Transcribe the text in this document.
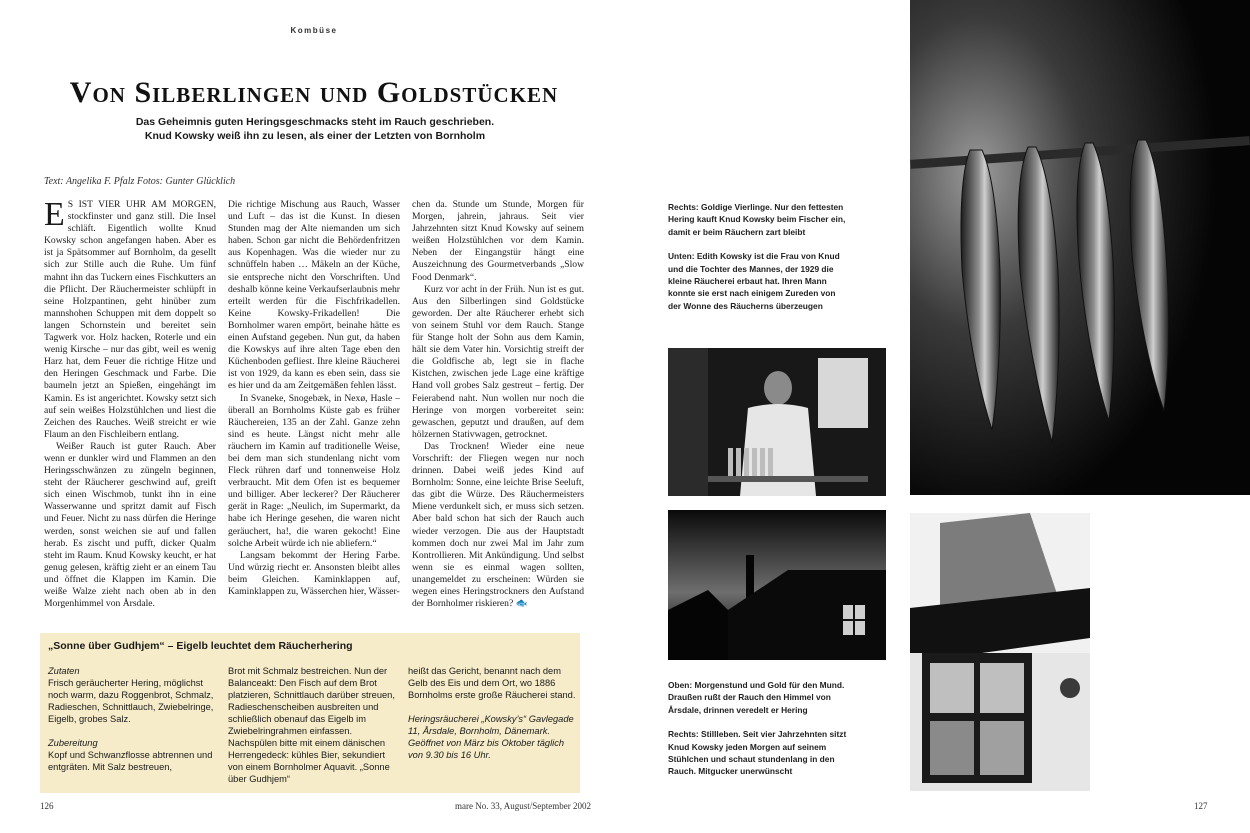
Kombüse
Von Silberlingen und Goldstücken
Das Geheimnis guten Heringsgeschmacks steht im Rauch geschrieben.
Knud Kowsky weiß ihn zu lesen, als einer der Letzten von Bornholm
Text: Angelika F. Pfalz Fotos: Gunter Glücklich

E S IST VIER UHR AM MORGEN, stockfinster und ganz still. Die Insel schläft. Eigentlich wollte Knud Kowsky schon angefangen haben. Aber es ist ja Spätsommer auf Bornholm, da gesellt sich zur Stille auch die Ruhe. Um fünf mahnt ihn das Tuckern eines Fischkutters an die Pflicht. Der Räuchermeister schlüpft in seine Holzpantinen, geht hinüber zum mannshohen Schuppen mit dem doppelt so langen Schornstein und bereitet sein Tagwerk vor. Holz hacken, Roterle und ein wenig Kirsche – nur das gibt, weil es wenig Harz hat, dem Feuer die richtige Hitze und den Heringen Geschmack und Farbe. Die baumeln jetzt an Spießen, eingehängt im Kamin. Es ist angerichtet. Kowsky setzt sich auf sein weißes Holzstühlchen und liest die Zeichen des Rauches. Weiß streicht er wie Flaum an den Fischleibern entlang.

Weißer Rauch ist guter Rauch. Aber wenn er dunkler wird und Flammen an den Heringsschwänzen zu züngeln beginnen, steht der Räucherer geschwind auf, greift sich einen Wischmob, tunkt ihn in eine Wasserwanne und spritzt damit auf Fisch und Feuer. Nicht zu nass dürfen die Heringe werden, sonst weichen sie auf und fallen herab. Es zischt und pufft, dicker Qualm steht im Raum. Knud Kowsky keucht, er hat genug gelesen, kräftig zieht er an einem Tau und öffnet die Klappen im Kamin. Die weiße Walze zieht nach oben ab in den Morgenhimmel von Årsdale.

Die richtige Mischung aus Rauch, Wasser und Luft – das ist die Kunst. In diesen Stunden mag der Alte niemanden um sich haben. Schon gar nicht die Behördenfritzen aus Kopenhagen. Was die wieder nur zu schnüffeln haben … Mäkeln an der Küche, sie entspreche nicht den Vorschriften. Und deshalb könne keine Verkaufserlaubnis mehr erteilt werden für die Fischfrikadellen. Keine Kowsky-Frikadellen! Die Bornholmer waren empört, beinahe hätte es einen Aufstand gegeben. Nun gut, da haben die Kowskys auf ihre alten Tage eben den Küchenboden gefliest. Ihre kleine Räucherei ist von 1929, da kann es eben sein, dass sie es hier und da am Zeitgemäßen fehlen lässt.

In Svaneke, Snogebæk, in Nexø, Hasle – überall an Bornholms Küste gab es früher Räuchereien, 135 an der Zahl. Ganze zehn sind es heute. Längst nicht mehr alle räuchern im Kamin auf traditionelle Weise, bei dem man sich stundenlang nicht vom Fleck rühren darf und tonnenweise Holz verbraucht. Mit dem Ofen ist es bequemer und billiger. Aber leckerer? Der Räucherer gerät in Rage: „Neulich, im Supermarkt, da habe ich Heringe gesehen, die waren nicht geräuchert, ha!, die waren gekocht! Eine solche Arbeit würde ich nie abliefern.“

Langsam bekommt der Hering Farbe. Und würzig riecht er. Ansonsten bleibt alles beim Gleichen. Kaminklappen auf, Kaminklappen zu, Wässerchen hier, Wässer-

chen da. Stunde um Stunde, Morgen für Morgen, jahrein, jahraus. Seit vier Jahrzehnten sitzt Knud Kowsky auf seinem weißen Holzstühlchen vor dem Kamin. Neben der Eingangstür hängt eine Auszeichnung des Gourmetverbands „Slow Food Denmark“.

Kurz vor acht in der Früh. Nun ist es gut. Aus den Silberlingen sind Goldstücke geworden. Der alte Räucherer erhebt sich von seinem Stuhl vor dem Rauch. Stange für Stange holt der Sohn aus dem Kamin, hält sie dem Vater hin. Vorsichtig streift der die Goldfische ab, legt sie in flache Kistchen, zwischen jede Lage eine kräftige Hand voll grobes Salz gestreut – fertig. Der Feierabend naht. Nun wollen nur noch die Heringe von morgen vorbereitet sein: gewaschen, geputzt und draußen, auf dem hölzernen Stativwagen, getrocknet.

Das Trocknen! Wieder eine neue Vorschrift: der Fliegen wegen nur noch drinnen. Dabei weiß jedes Kind auf Bornholm: Sonne, eine leichte Brise Seeluft, das gibt die Würze. Des Räuchermeisters Miene verdunkelt sich, er muss sich setzen. Aber bald schon hat sich der Rauch auch wieder verzogen. Die aus der Hauptstadt kommen doch nur zwei Mal im Jahr zum Kontrollieren. Mit Ankündigung. Und selbst wenn sie es einmal wagen sollten, unangemeldet zu erscheinen: Würden sie wegen eines Heringstrockners den Aufstand der Bornholmer riskieren? 🐟

„Sonne über Gudhjem“ – Eigelb leuchtet dem Räucherhering
Zutaten
Frisch geräucherter Hering, möglichst noch warm, dazu Roggenbrot, Schmalz, Radieschen, Schnittlauch, Zwiebelringe, Eigelb, grobes Salz.
Zubereitung
Kopf und Schwanzflosse abtrennen und entgräten. Mit Salz bestreuen,
Brot mit Schmalz bestreichen. Nun der Balanceakt: Den Fisch auf dem Brot platzieren, Schnittlauch darüber streuen, Radieschenscheiben ausbreiten und schließlich obenauf das Eigelb im Zwiebelringrahmen einfassen. Nachspülen bitte mit einem dänischen Herrengedeck: kühles Bier, sekundiert von einem Bornholmer Aquavit. „Sonne über Gudhjem“
heißt das Gericht, benannt nach dem Gelb des Eis und dem Ort, wo 1886 Bornholms erste große Räucherei stand.
Heringsräucherei „Kowsky’s“ Gavlegade 11, Årsdale, Bornholm, Dänemark. Geöffnet von März bis Oktober täglich von 9.30 bis 16 Uhr.
126	mare No. 33, August/September 2002

Rechts: Goldige Vierlinge. Nur den fettesten Hering kauft Knud Kowsky beim Fischer ein, damit er beim Räuchern zart bleibt

Unten: Edith Kowsky ist die Frau von Knud und die Tochter des Mannes, der 1929 die kleine Räucherei erbaut hat. Ihren Mann konnte sie erst nach einigem Zureden von der Wonne des Räucherns überzeugen

Oben: Morgenstund und Gold für den Mund. Draußen rußt der Rauch den Himmel von Årsdale, drinnen veredelt er Hering

Rechts: Stillleben. Seit vier Jahrzehnten sitzt Knud Kowsky jeden Morgen auf seinem Stühlchen und schaut stundenlang in den Rauch. Mitgucker unerwünscht

127
